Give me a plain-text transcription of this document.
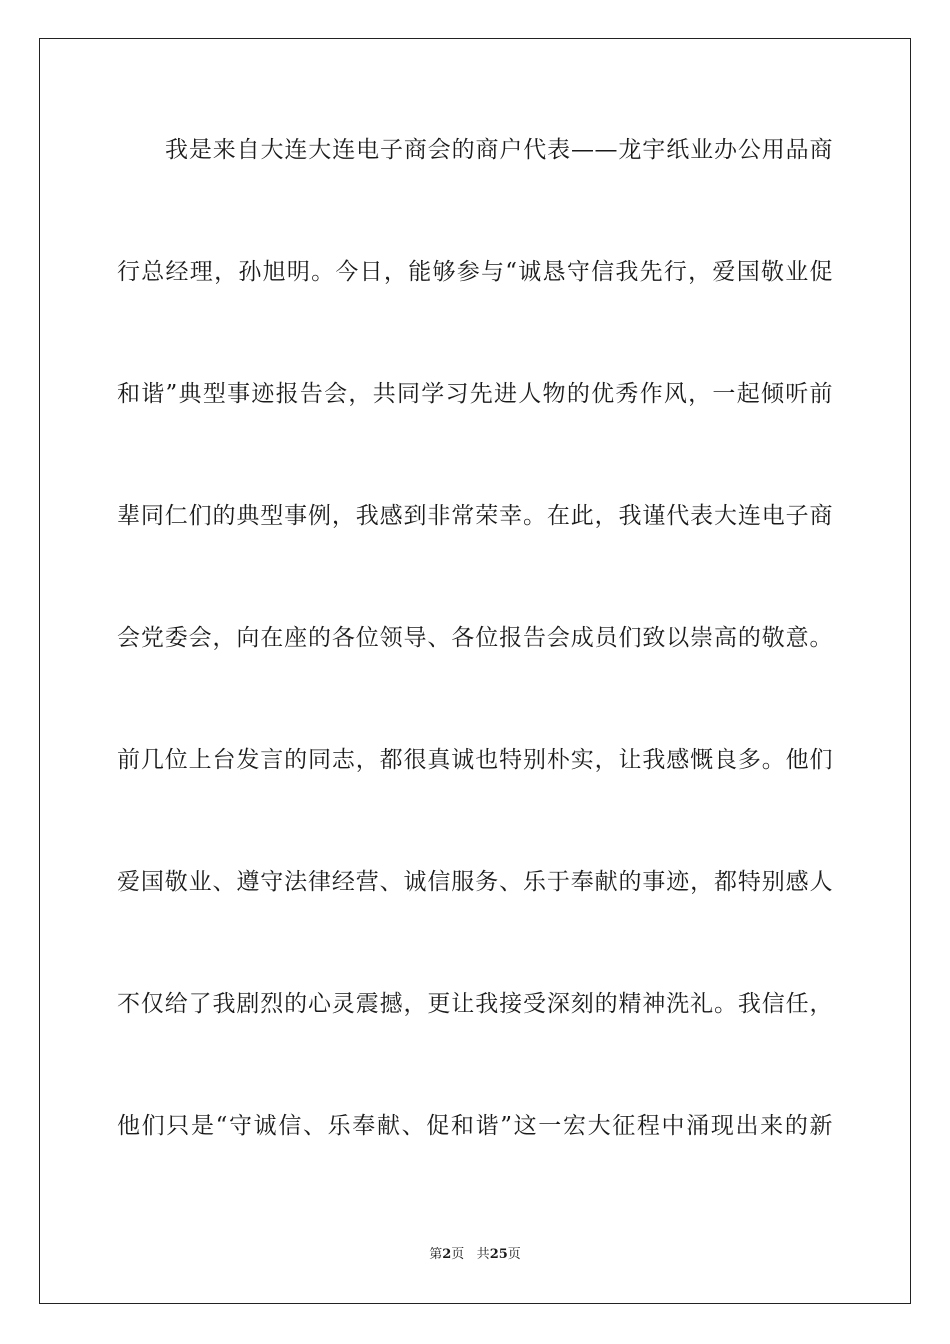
我是来自大连大连电子商会的商户代表——龙宇纸业办公用品商
行总经理，孙旭明。今日，能够参与“诚恳守信我先行，爱国敬业促
和谐”典型事迹报告会，共同学习先进人物的优秀作风，一起倾听前
辈同仁们的典型事例，我感到非常荣幸。在此，我谨代表大连电子商
会党委会，向在座的各位领导、各位报告会成员们致以崇高的敬意。
前几位上台发言的同志，都很真诚也特别朴实，让我感慨良多。他们
爱国敬业、遵守法律经营、诚信服务、乐于奉献的事迹，都特别感人
不仅给了我剧烈的心灵震撼，更让我接受深刻的精神洗礼。我信任，
他们只是“守诚信、乐奉献、促和谐”这一宏大征程中涌现出来的新
第2页 共25页
